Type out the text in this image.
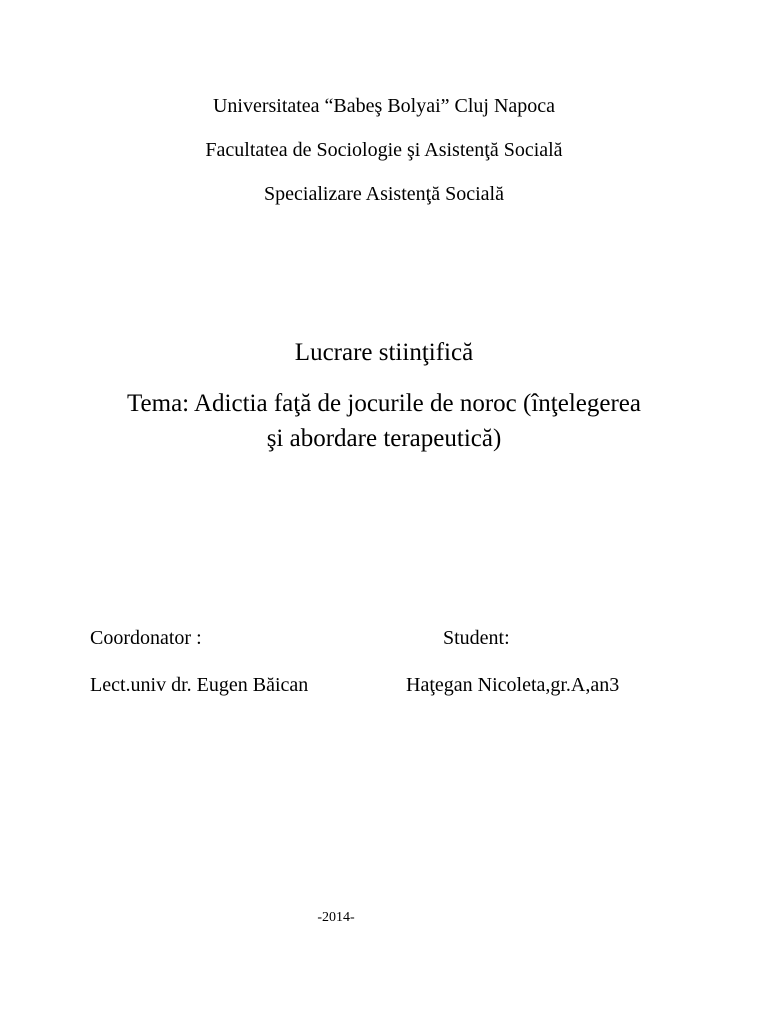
Universitatea “Babeş Bolyai” Cluj Napoca
Facultatea de Sociologie şi Asistenţă Socială
Specializare Asistenţă Socială
Lucrare stiinţifică
Tema: Adictia faţă de jocurile de noroc (înţelegerea
şi abordare terapeutică)
Coordonator :	Student:
Lect.univ dr. Eugen Băican	Haţegan Nicoleta,gr.A,an3
-2014-
